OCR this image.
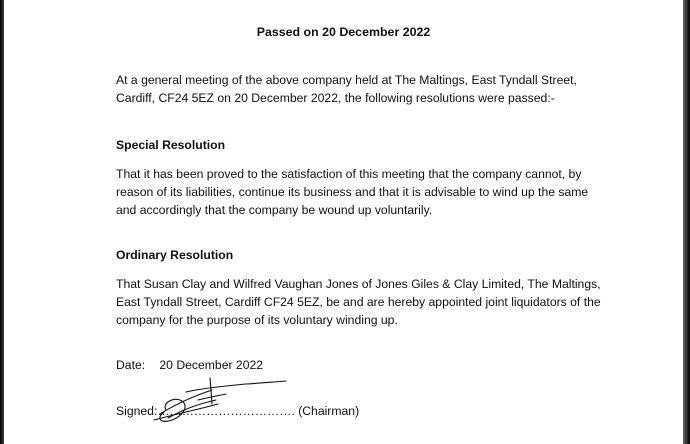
Passed on 20 December 2022
At a general meeting of the above company held at The Maltings, East Tyndall Street,
Cardiff, CF24 5EZ on 20 December 2022, the following resolutions were passed:-
Special Resolution
That it has been proved to the satisfaction of this meeting that the company cannot, by
reason of its liabilities, continue its business and that it is advisable to wind up the same
and accordingly that the company be wound up voluntarily.
Ordinary Resolution
That Susan Clay and Wilfred Vaughan Jones of Jones Giles & Clay Limited, The Maltings,
East Tyndall Street, Cardiff CF24 5EZ, be and are hereby appointed joint liquidators of the
company for the purpose of its voluntary winding up.
Date: 20 December 2022
Signed:……………………………. (Chairman)
